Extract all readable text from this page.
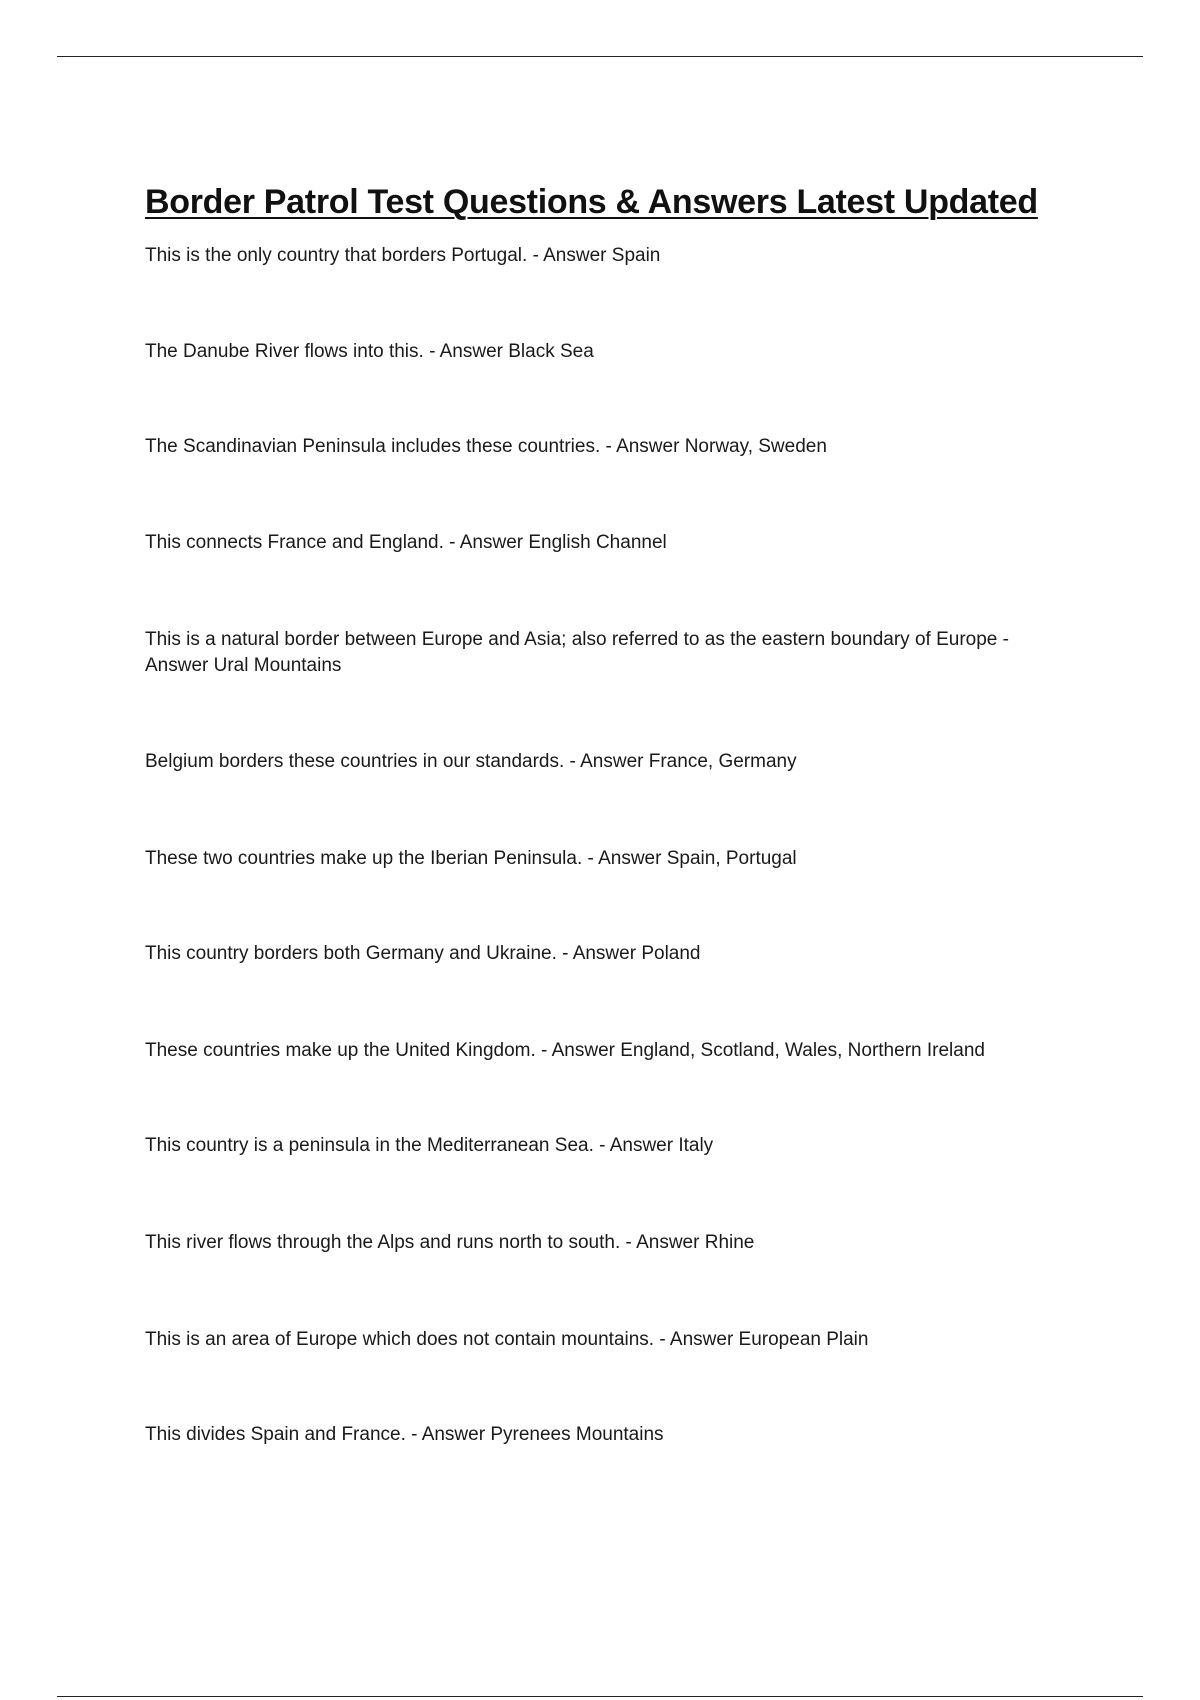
Border Patrol Test Questions & Answers Latest Updated
This is the only country that borders Portugal. - Answer Spain
The Danube River flows into this. - Answer Black Sea
The Scandinavian Peninsula includes these countries. - Answer Norway, Sweden
This connects France and England. - Answer English Channel
This is a natural border between Europe and Asia; also referred to as the eastern boundary of Europe - Answer Ural Mountains
Belgium borders these countries in our standards. - Answer France, Germany
These two countries make up the Iberian Peninsula. - Answer Spain, Portugal
This country borders both Germany and Ukraine. - Answer Poland
These countries make up the United Kingdom. - Answer England, Scotland, Wales, Northern Ireland
This country is a peninsula in the Mediterranean Sea. - Answer Italy
This river flows through the Alps and runs north to south. - Answer Rhine
This is an area of Europe which does not contain mountains. - Answer European Plain
This divides Spain and France. - Answer Pyrenees Mountains
